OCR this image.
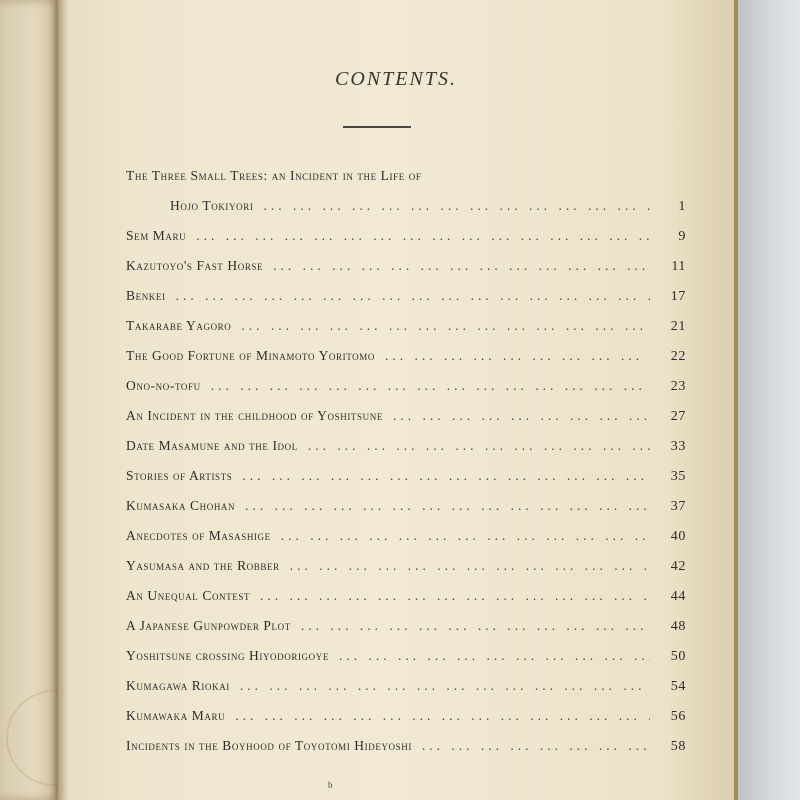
CONTENTS.
The Three Small Trees: an Incident in the Life of
Hojo Tokiyori ... .	1
Sem Maru ... .	9
Kazutoyo's Fast Horse ... .	11
Benkei ... .	17
Takarabe Yagoro ... .	21
The Good Fortune of Minamoto Yoritomo ... .	22
Ono-no-tofu ... .	23
An Incident in the childhood of Yoshitsune ... .	27
Date Masamune and the Idol ... .	33
Stories of Artists ... .	35
Kumasaka Chohan ... .	37
Anecdotes of Masashige ... .	40
Yasumasa and the Robber ... .	42
An Unequal Contest ... .	44
A Japanese Gunpowder Plot ... .	48
Yoshitsune crossing Hiyodorigoye ... .	50
Kumagawa Riokai ... .	54
Kumawaka Maru ... .	56
Incidents in the Boyhood of Toyotomi Hideyoshi ... .	58
b
